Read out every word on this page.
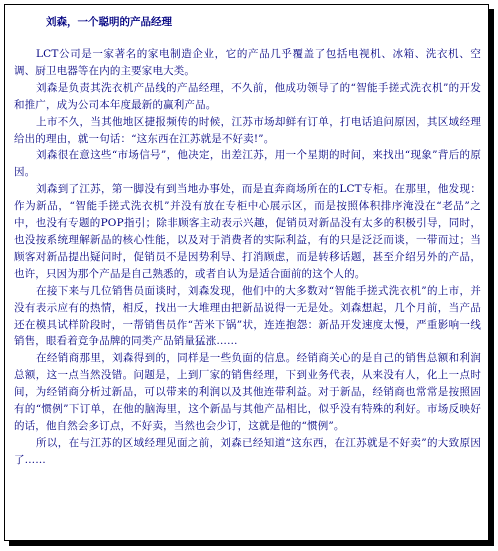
刘森，一个聪明的产品经理

LCT公司是一家著名的家电制造企业，它的产品几乎覆盖了包括电视机、冰箱、洗衣机、空调、厨卫电器等在内的主要家电大类。

刘森是负责其洗衣机产品线的产品经理，不久前，他成功领导了的“智能手搓式洗衣机”的开发和推广，成为公司本年度最新的赢利产品。

上市不久，当其他地区捷报频传的时候，江苏市场却鲜有订单，打电话追问原因，其区域经理给出的理由，就一句话：“这东西在江苏就是不好卖!”。

刘森很在意这些“市场信号”，他决定，出差江苏，用一个星期的时间，来找出“现象”背后的原因。

刘森到了江苏，第一脚没有到当地办事处，而是直奔商场所在的LCT专柜。在那里，他发现：作为新品，“智能手搓式洗衣机”并没有放在专柜中心展示区，而是按照体积排序淹没在“老品”之中，也没有专题的POP指引；除非顾客主动表示兴趣，促销员对新品没有太多的积极引导，同时，也没按系统理解新品的核心性能，以及对于消费者的实际利益，有的只是泛泛而谈，一带而过；当顾客对新品提出疑问时，促销员不是因势利导、打消顾虑，而是转移话题，甚至介绍另外的产品，也许，只因为那个产品是自己熟悉的，或者自认为是适合面前的这个人的。

在接下来与几位销售员面谈时，刘森发现，他们中的大多数对“智能手搓式洗衣机”的上市，并没有表示应有的热情，相反，找出一大堆理由把新品说得一无是处。刘森想起，几个月前，当产品还在模具试样阶段时，一帮销售员作“苦米下锅”状，连连抱怨：新品开发速度太慢，严重影响一线销售，眼看着竞争品牌的同类产品销量猛涨……

在经销商那里，刘森得到的，同样是一些负面的信息。经销商关心的是自己的销售总额和利润总额，这一点当然没错。问题是，上到厂家的销售经理，下到业务代表，从来没有人，化上一点时间，为经销商分析过新品，可以带来的利润以及其他连带利益。对于新品，经销商也常常是按照固有的“惯例”下订单，在他的脑海里，这个新品与其他产品相比，似乎没有特殊的利好。市场反映好的话，他自然会多订点，不好卖，当然也会少订，这就是他的“惯例”。

所以，在与江苏的区域经理见面之前，刘森已经知道“这东西，在江苏就是不好卖”的大致原因了……
